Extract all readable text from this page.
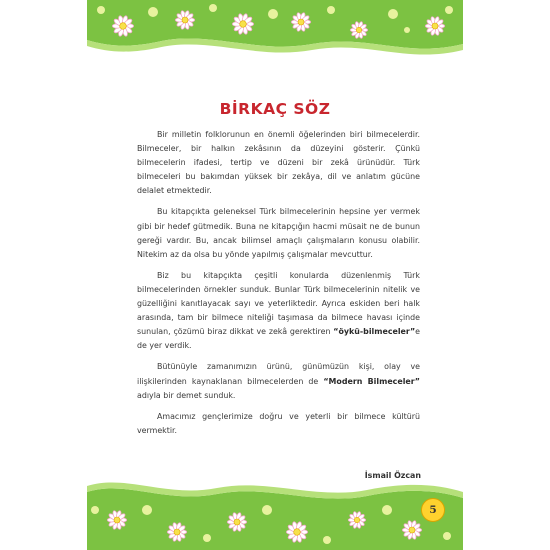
BİRKAÇ SÖZ

Bir milletin folklorunun en önemli öğelerinden biri bilmecelerdir. Bilmeceler, bir halkın zekâsının da düzeyini gösterir. Çünkü bilmecelerin ifadesi, tertip ve düzeni bir zekâ ürünüdür. Türk bilmeceleri bu bakımdan yüksek bir zekâya, dil ve anlatım gücüne delalet etmektedir.

Bu kitapçıkta geleneksel Türk bilmecelerinin hepsine yer vermek gibi bir hedef gütmedik. Buna ne kitapçığın hacmi müsait ne de bunun gereği vardır. Bu, ancak bilimsel amaçlı çalışmaların konusu olabilir. Nitekim az da olsa bu yönde yapılmış çalışmalar mevcuttur.

Biz bu kitapçıkta çeşitli konularda düzenlenmiş Türk bilmecelerinden örnekler sunduk. Bunlar Türk bilmecelerinin nitelik ve güzelliğini kanıtlayacak sayı ve yeterliktedir. Ayrıca eskiden beri halk arasında, tam bir bilmece niteliği taşımasa da bilmece havası içinde sunulan, çözümü biraz dikkat ve zekâ gerektiren “öykü-bilmeceler”e de yer verdik.

Bütünüyle zamanımızın ürünü, günümüzün kişi, olay ve ilişkilerinden kaynaklanan bilmecelerden de “Modern Bilmeceler” adıyla bir demet sunduk.

Amacımız gençlerimize doğru ve yeterli bir bilmece kültürü vermektir.

İsmail Özcan
5
